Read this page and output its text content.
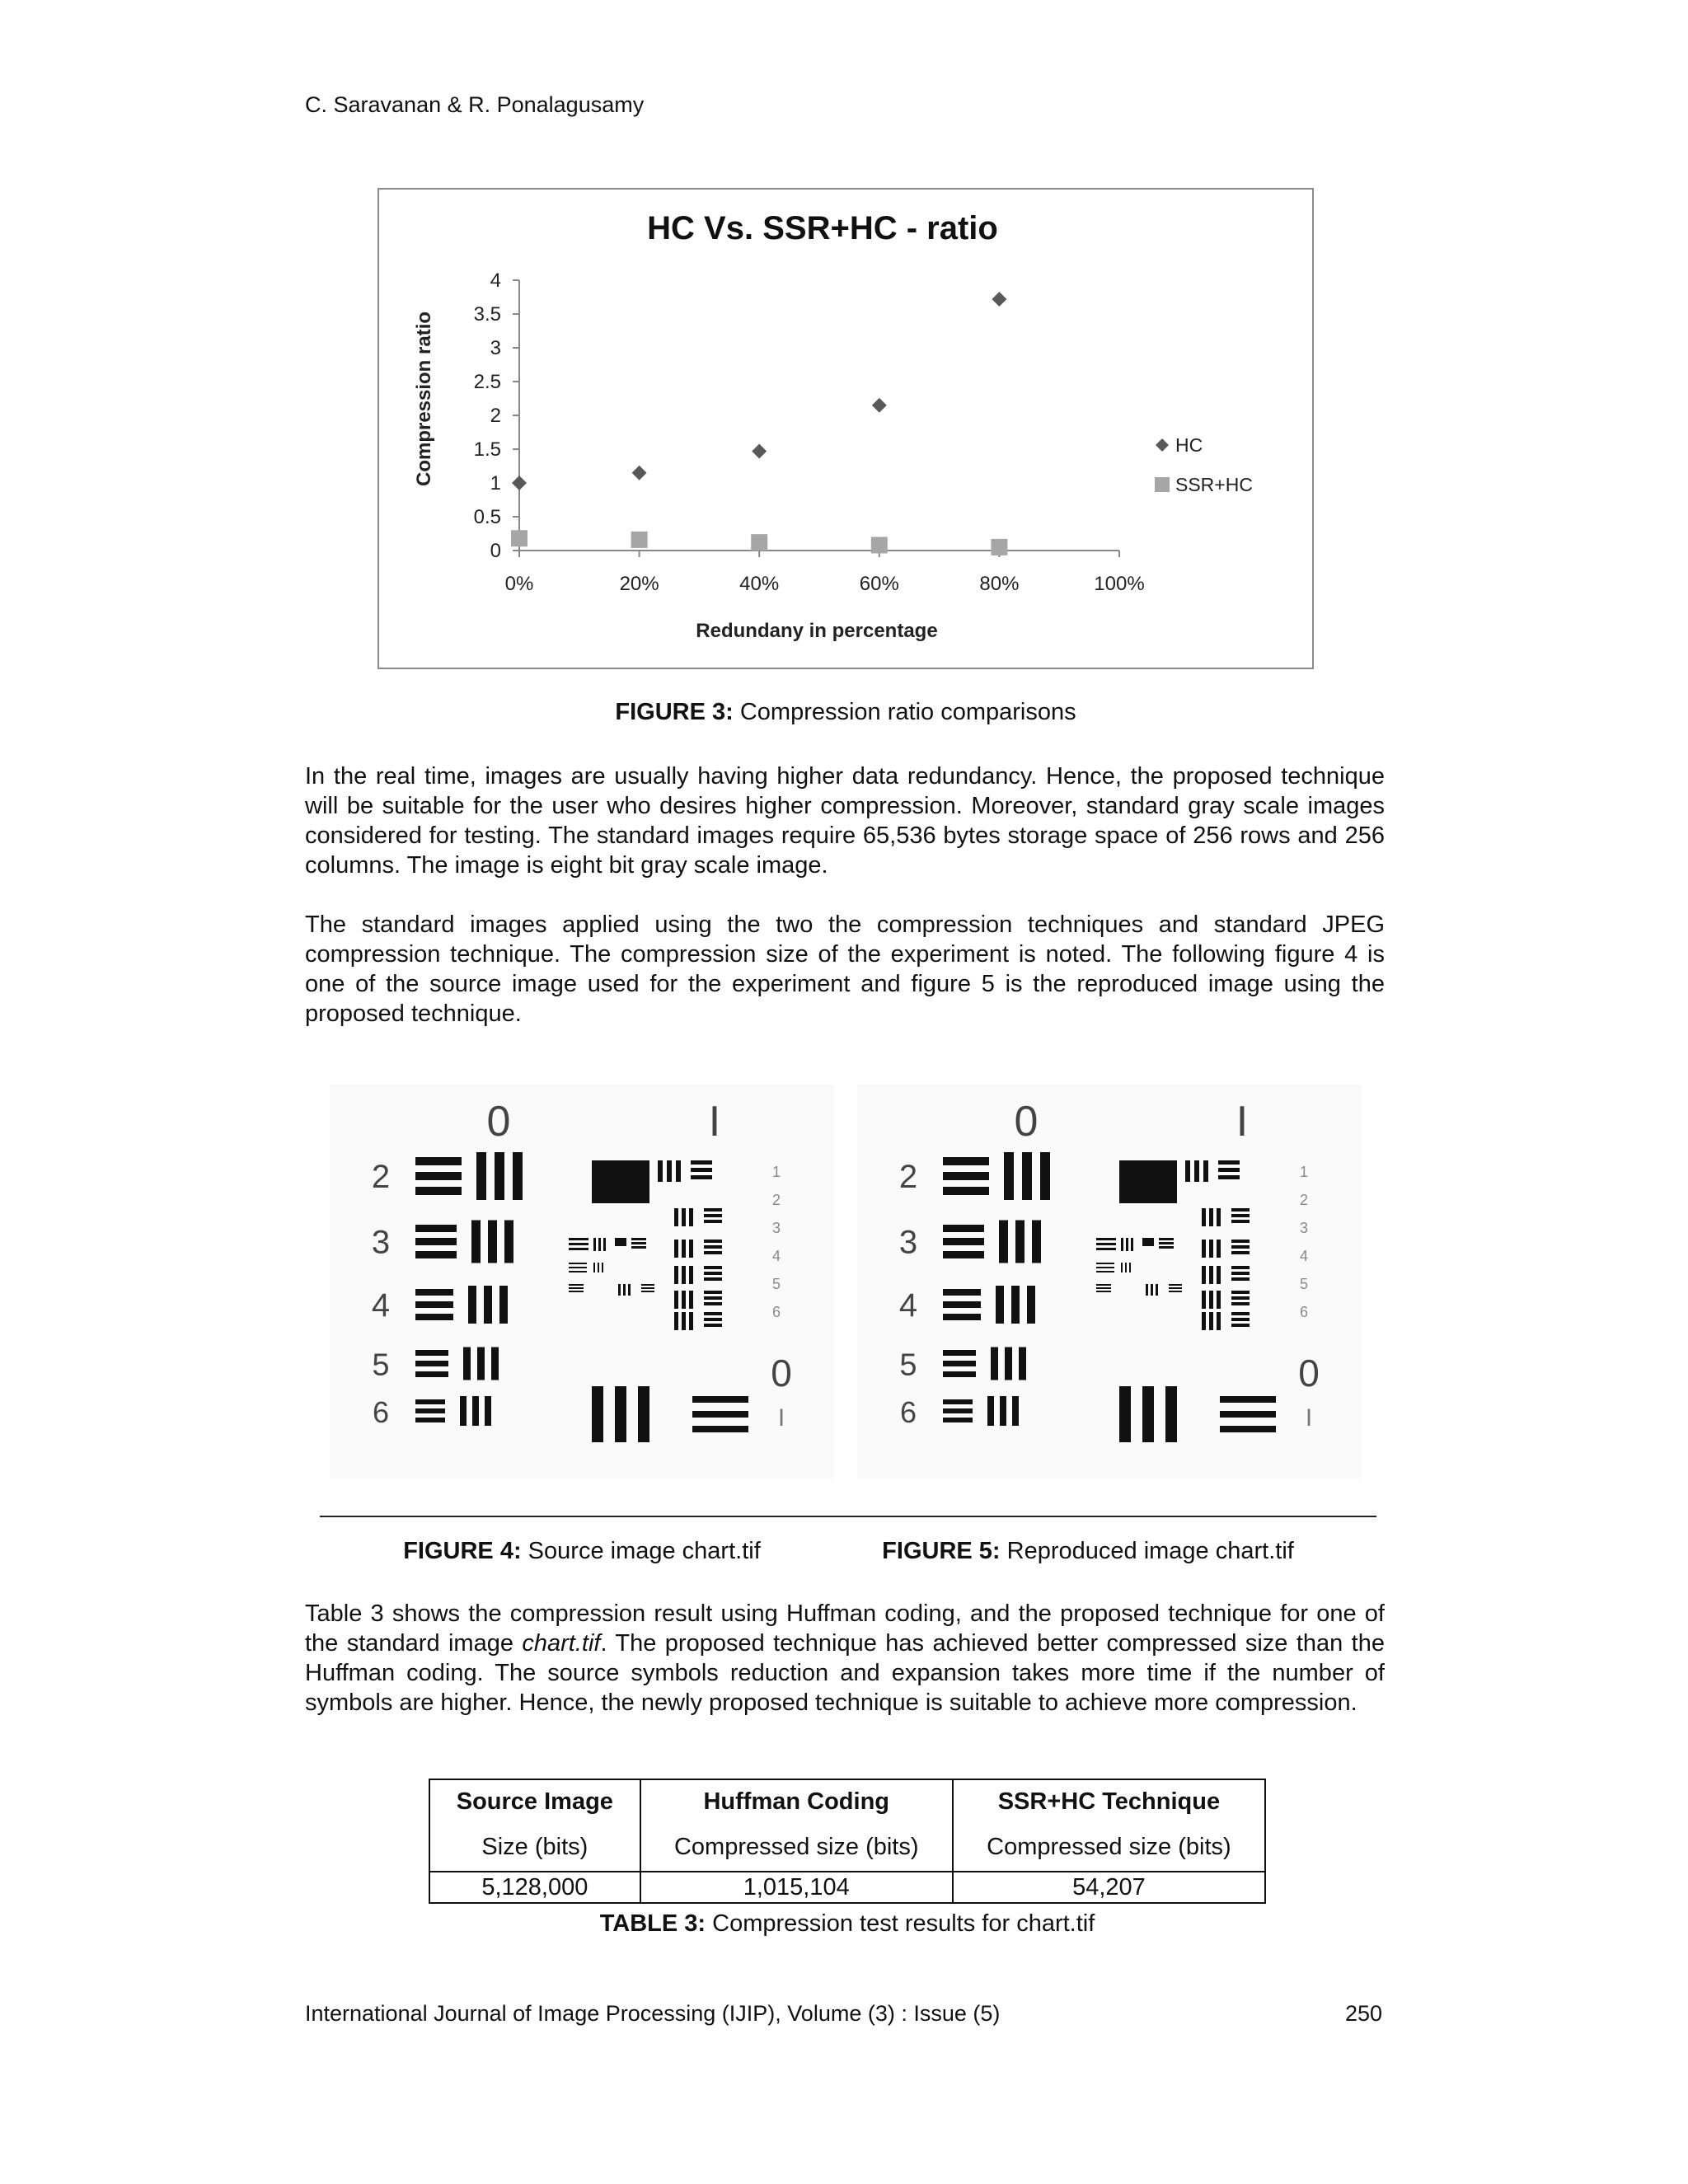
C. Saravanan & R. Ponalagusamy
HC Vs. SSR+HC - ratio
0%	20%	40%	60%	80%	100%
0
0.5
1
1.5
2
2.5
3
3.5
4
Redundany in percentage
Compression ratio	HC
SSR+HC
FIGURE 3: Compression ratio comparisons

In the real time, images are usually having higher data redundancy. Hence, the proposed technique will be suitable for the user who desires higher compression. Moreover, standard gray scale images considered for testing. The standard images require 65,536 bytes storage space of 256 rows and 256 columns. The image is eight bit gray scale image.

The standard images applied using the two the compression techniques and standard JPEG compression technique. The compression size of the experiment is noted. The following figure 4 is one of the source image used for the experiment and figure 5 is the reproduced image using the proposed technique.

0	I
2
3
4
5
6
1
2
3
4
5
6
0
I
0	I
2
3
4
5
6
1
2
3
4
5
6
0
I
FIGURE 4: Source image chart.tif	FIGURE 5: Reproduced image chart.tif

Table 3 shows the compression result using Huffman coding, and the proposed technique for one of the standard image chart.tif. The proposed technique has achieved better compressed size than the Huffman coding. The source symbols reduction and expansion takes more time if the number of symbols are higher. Hence, the newly proposed technique is suitable to achieve more compression.

Source Image	Huffman Coding	SSR+HC Technique
Size (bits)	Compressed size (bits)	Compressed size (bits)
5,128,000	1,015,104	54,207
TABLE 3: Compression test results for chart.tif
International Journal of Image Processing (IJIP), Volume (3) : Issue (5)	250
